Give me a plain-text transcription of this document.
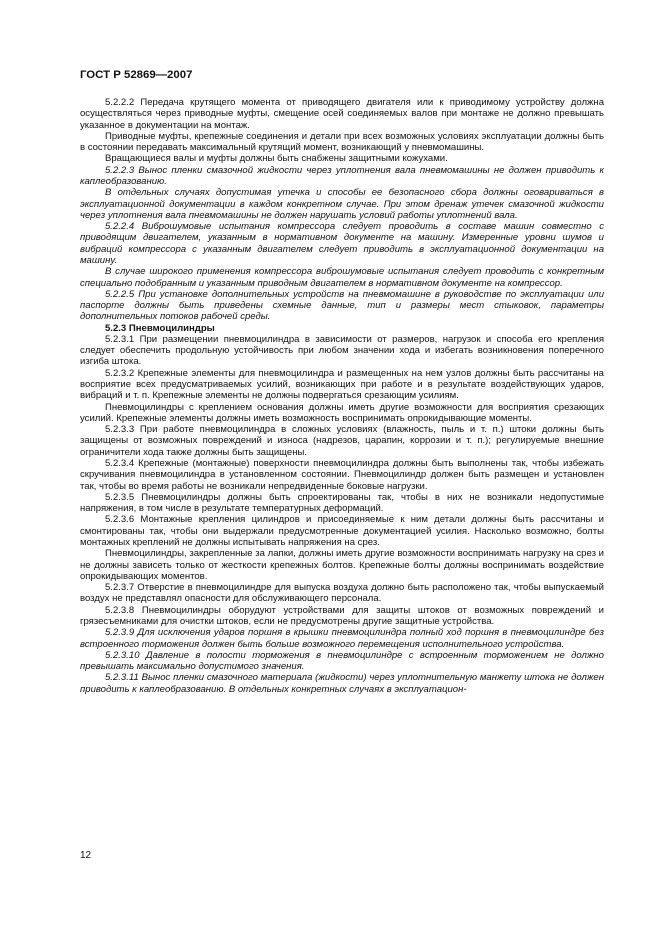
ГОСТ Р 52869—2007

5.2.2.2 Передача крутящего момента от приводящего двигателя или к приводимому устройству должна осуществляться через приводные муфты, смещение осей соединяемых валов при монтаже не должно превышать указанное в документации на монтаж.

Приводные муфты, крепежные соединения и детали при всех возможных условиях эксплуатации должны быть в состоянии передавать максимальный крутящий момент, возникающий у пневмомашины.

Вращающиеся валы и муфты должны быть снабжены защитными кожухами.

5.2.2.3 Вынос пленки смазочной жидкости через уплотнения вала пневмомашины не должен приводить к каплеобразованию.

В отдельных случаях допустимая утечка и способы ее безопасного сбора должны оговариваться в эксплуатационной документации в каждом конкретном случае. При этом дренаж утечек смазочной жидкости через уплотнения вала пневмомашины не должен нарушать условий работы уплотнений вала.

5.2.2.4 Виброшумовые испытания компрессора следует проводить в составе машин совместно с приводящим двигателем, указанным в нормативном документе на машину. Измеренные уровни шумов и вибраций компрессора с указанным двигателем следует приводить в эксплуатационной документации на машину.

В случае широкого применения компрессора виброшумовые испытания следует проводить с конкретным специально подобранным и указанным приводным двигателем в нормативном документе на компрессор.

5.2.2.5 При установке дополнительных устройств на пневмомашине в руководстве по эксплуатации или паспорте должны быть приведены схемные данные, тип и размеры мест стыковок, параметры дополнительных потоков рабочей среды.

5.2.3 Пневмоцилиндры

5.2.3.1 При размещении пневмоцилиндра в зависимости от размеров, нагрузок и способа его крепления следует обеспечить продольную устойчивость при любом значении хода и избегать возникновения поперечного изгиба штока.

5.2.3.2 Крепежные элементы для пневмоцилиндра и размещенных на нем узлов должны быть рассчитаны на восприятие всех предусматриваемых усилий, возникающих при работе и в результате воздействующих ударов, вибраций и т. п. Крепежные элементы не должны подвергаться срезающим усилиям.

Пневмоцилиндры с креплением основания должны иметь другие возможности для восприятия срезающих усилий. Крепежные элементы должны иметь возможность воспринимать опрокидывающие моменты.

5.2.3.3 При работе пневмоцилиндра в сложных условиях (влажность, пыль и т. п.) штоки должны быть защищены от возможных повреждений и износа (надрезов, царапин, коррозии и т. п.); регулируемые внешние ограничители хода также должны быть защищены.

5.2.3.4 Крепежные (монтажные) поверхности пневмоцилиндра должны быть выполнены так, чтобы избежать скручивания пневмоцилиндра в установленном состоянии. Пневмоцилиндр должен быть размещен и установлен так, чтобы во время работы не возникали непредвиденные боковые нагрузки.

5.2.3.5 Пневмоцилиндры должны быть спроектированы так, чтобы в них не возникали недопустимые напряжения, в том числе в результате температурных деформаций.

5.2.3.6 Монтажные крепления цилиндров и присоединяемые к ним детали должны быть рассчитаны и смонтированы так, чтобы они выдержали предусмотренные документацией усилия. Насколько возможно, болты монтажных креплений не должны испытывать напряжения на срез.

Пневмоцилиндры, закрепленные за лапки, должны иметь другие возможности воспринимать нагрузку на срез и не должны зависеть только от жесткости крепежных болтов. Крепежные болты должны воспринимать воздействие опрокидывающих моментов.

5.2.3.7 Отверстие в пневмоцилиндре для выпуска воздуха должно быть расположено так, чтобы выпускаемый воздух не представлял опасности для обслуживающего персонала.

5.2.3.8 Пневмоцилиндры оборудуют устройствами для защиты штоков от возможных повреждений и грязесъемниками для очистки штоков, если не предусмотрены другие защитные устройства.

5.2.3.9 Для исключения ударов поршня в крышки пневмоцилиндра полный ход поршня в пневмоцилиндре без встроенного торможения должен быть больше возможного перемещения исполнительного устройства.

5.2.3.10 Давление в полости торможения в пневмоцилиндре с встроенным торможением не должно превышать максимально допустимого значения.

5.2.3.11 Вынос пленки смазочного материала (жидкости) через уплотнительную манжету штока не должен приводить к каплеобразованию. В отдельных конкретных случаях в эксплуатацион-

12
